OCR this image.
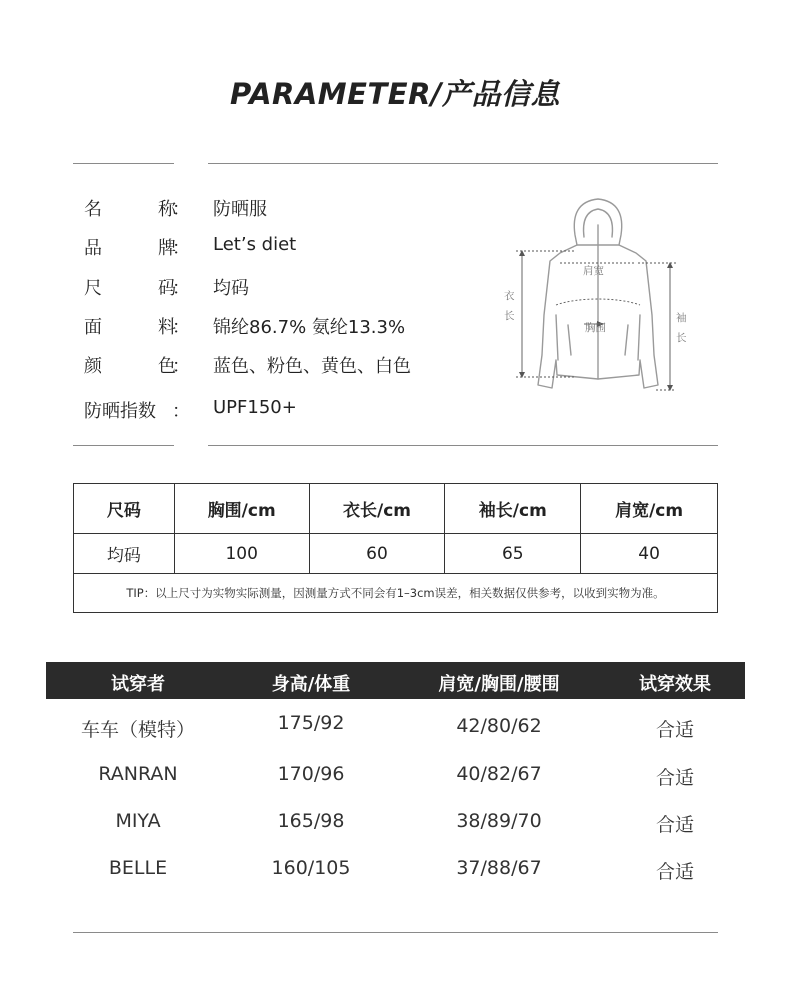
PARAMETER/产品信息
名	称
： 防晒服
品	牌
： Let’s diet
尺	码
： 均码
面	料
： 锦纶86.7% 氨纶13.3%
颜	色
： 蓝色、粉色、黄色、白色
防晒指数 ： UPF150+
肩宽
胸围
衣
长	袖
长
尺码	胸围/cm	衣长/cm	袖长/cm	肩宽/cm
均码	100	60	65	40
TIP：以上尺寸为实物实际测量，因测量方式不同会有1–3cm误差，相关数据仅供参考，以收到实物为准。				
试穿者	身高/体重	肩宽/胸围/腰围	试穿效果
车车（模特）	175/92	42/80/62	合适
RANRAN	170/96	40/82/67	合适
MIYA	165/98	38/89/70	合适
BELLE	160/105	37/88/67	合适
